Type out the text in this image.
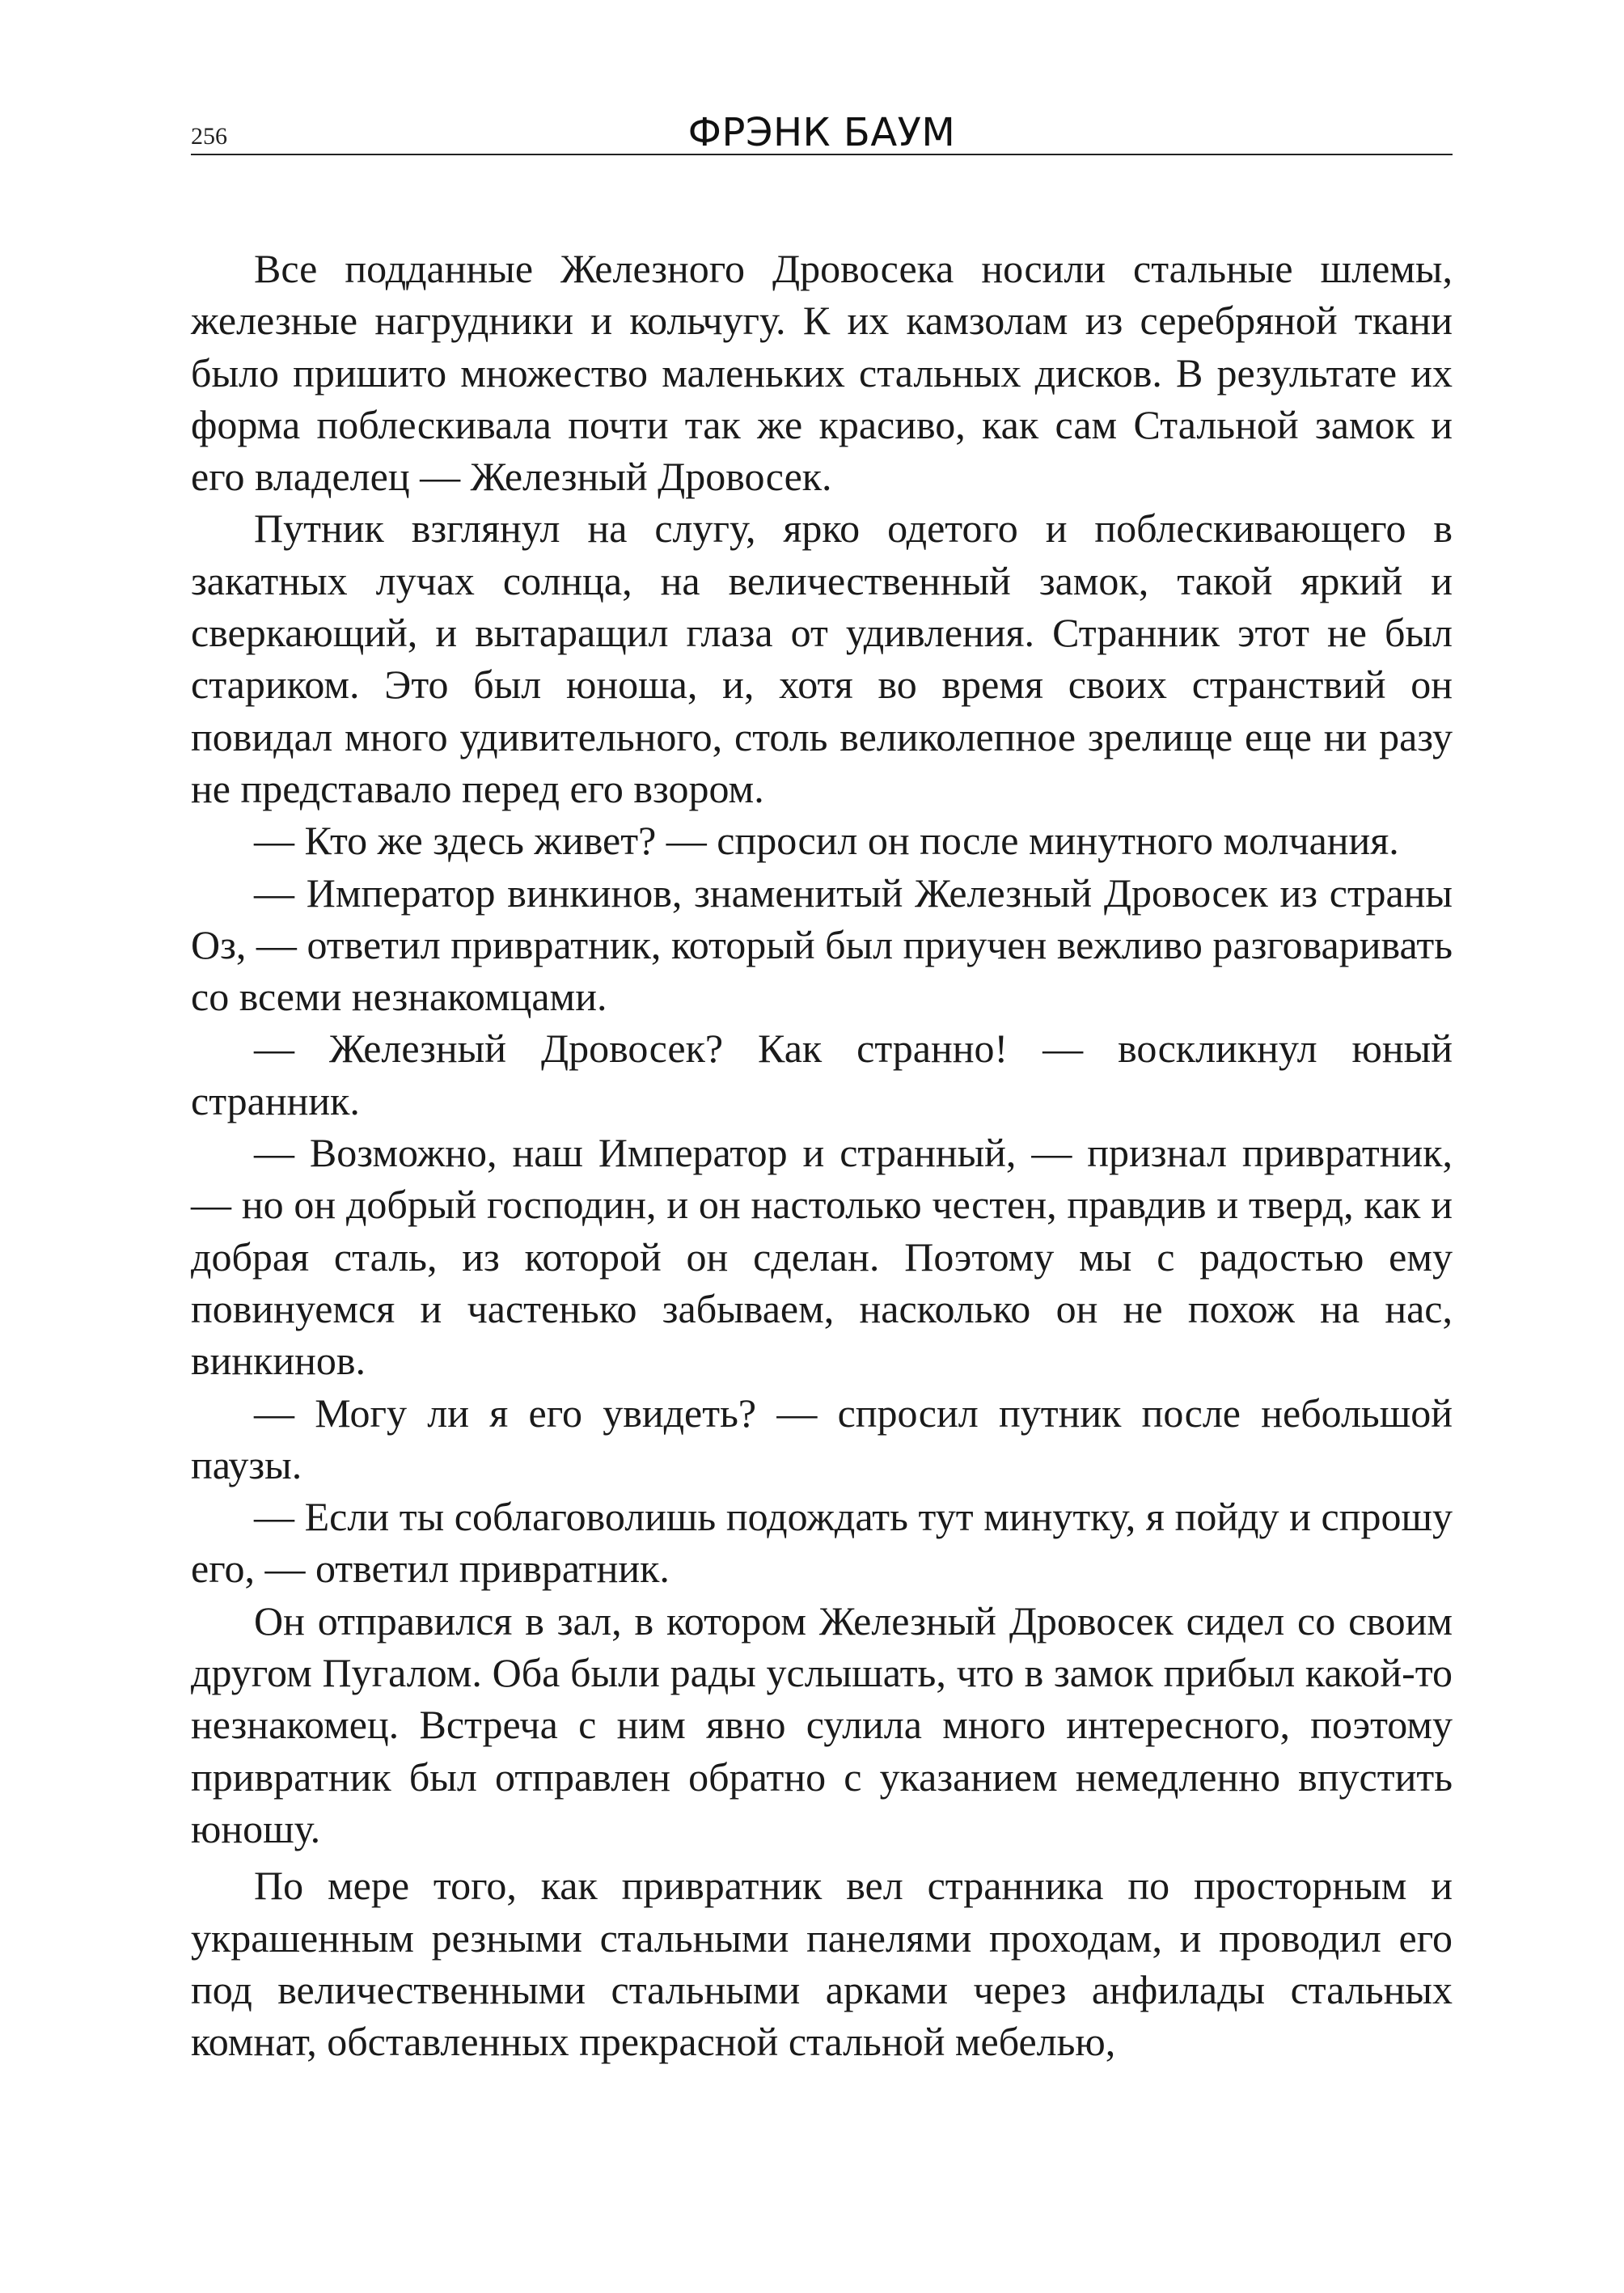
256	ФРЭНК БАУМ

Все подданные Железного Дровосека носили стальные шлемы, железные нагрудники и кольчугу. К их камзолам из серебряной ткани было пришито множество маленьких стальных дисков. В результате их форма поблескивала почти так же красиво, как сам Стальной замок и его владелец — Железный Дровосек.

Путник взглянул на слугу, ярко одетого и поблескивающего в закатных лучах солнца, на величественный замок, такой яркий и сверкающий, и вытаращил глаза от удивления. Странник этот не был стариком. Это был юноша, и, хотя во время своих странствий он повидал много удивительного, столь великолепное зрелище еще ни разу не представало перед его взором.

— Кто же здесь живет? — спросил он после минутного молчания.

— Император винкинов, знаменитый Железный Дровосек из страны Оз, — ответил привратник, который был приучен вежливо разговаривать со всеми незнакомцами.

— Железный Дровосек? Как странно! — воскликнул юный странник.

— Возможно, наш Император и странный, — признал привратник, — но он добрый господин, и он настолько честен, правдив и тверд, как и добрая сталь, из которой он сделан. Поэтому мы с радостью ему повинуемся и частенько забываем, насколько он не похож на нас, винкинов.

— Могу ли я его увидеть? — спросил путник после небольшой паузы.

— Если ты соблаговолишь подождать тут минутку, я пойду и спрошу его, — ответил привратник.

Он отправился в зал, в котором Железный Дровосек сидел со своим другом Пугалом. Оба были рады услышать, что в замок прибыл какой-то незнакомец. Встреча с ним явно сулила много интересного, поэтому привратник был отправлен обратно с указанием немедленно впустить юношу.

По мере того, как привратник вел странника по просторным и украшенным резными стальными панелями проходам, и проводил его под величественными стальными арками через анфилады стальных комнат, обставленных прекрасной стальной мебелью,
